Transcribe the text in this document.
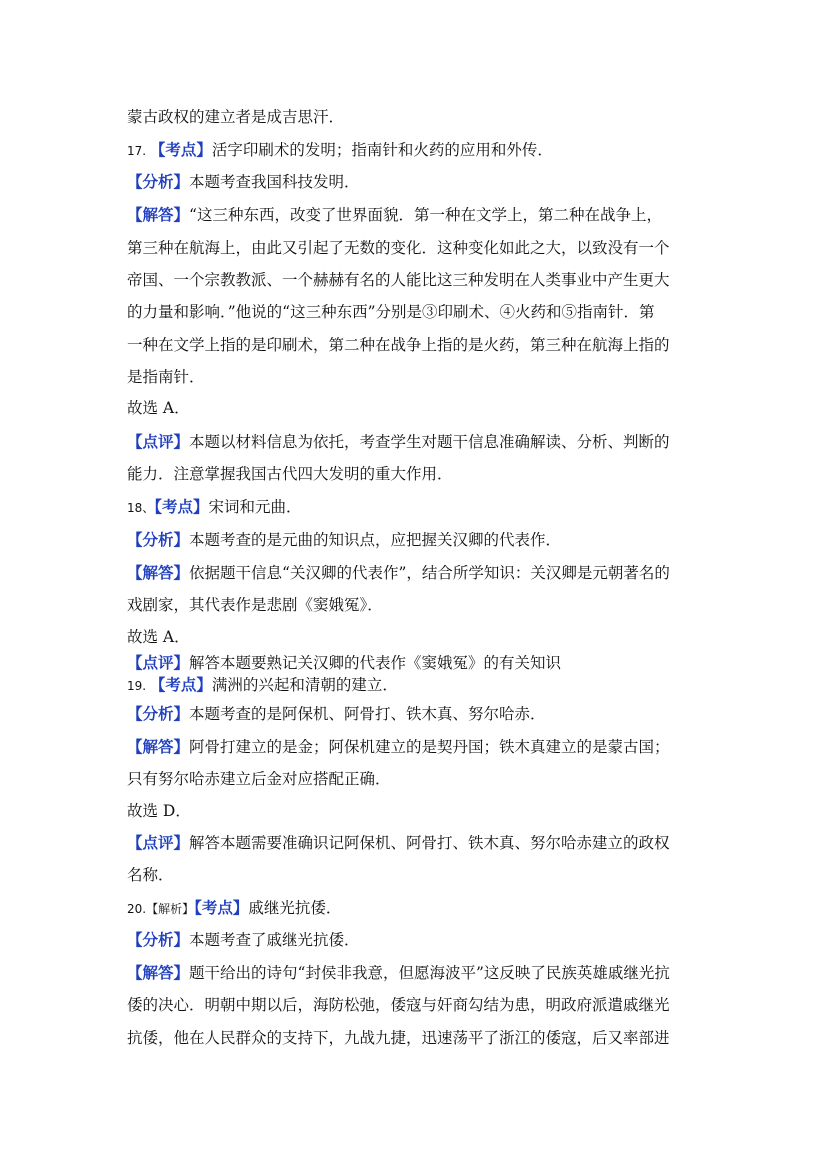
蒙古政权的建立者是成吉思汗．
17. 【考点】活字印刷术的发明；指南针和火药的应用和外传．
【分析】本题考查我国科技发明．
【解答】“这三种东西，改变了世界面貌．第一种在文学上，第二种在战争上，
第三种在航海上，由此又引起了无数的变化．这种变化如此之大，以致没有一个
帝国、一个宗教教派、一个赫赫有名的人能比这三种发明在人类事业中产生更大
的力量和影响．”他说的“这三种东西”分别是③印刷术、④火药和⑤指南针．第
一种在文学上指的是印刷术，第二种在战争上指的是火药，第三种在航海上指的
是指南针．
故选 A．
【点评】本题以材料信息为依托，考查学生对题干信息准确解读、分析、判断的
能力．注意掌握我国古代四大发明的重大作用．
18、【考点】宋词和元曲．
【分析】本题考查的是元曲的知识点，应把握关汉卿的代表作．
【解答】依据题干信息“关汉卿的代表作”，结合所学知识：关汉卿是元朝著名的
戏剧家，其代表作是悲剧《窦娥冤》．
故选 A．
【点评】解答本题要熟记关汉卿的代表作《窦娥冤》的有关知识
19. 【考点】满洲的兴起和清朝的建立．
【分析】本题考查的是阿保机、阿骨打、铁木真、努尔哈赤．
【解答】阿骨打建立的是金；阿保机建立的是契丹国；铁木真建立的是蒙古国；
只有努尔哈赤建立后金对应搭配正确．
故选 D．
【点评】解答本题需要准确识记阿保机、阿骨打、铁木真、努尔哈赤建立的政权
名称．
20.【解析】【考点】戚继光抗倭．
【分析】本题考查了戚继光抗倭．
【解答】题干给出的诗句“封侯非我意，但愿海波平”这反映了民族英雄戚继光抗
倭的决心．明朝中期以后，海防松弛，倭寇与奸商勾结为患，明政府派遣戚继光
抗倭，他在人民群众的支持下，九战九捷，迅速荡平了浙江的倭寇，后又率部进
